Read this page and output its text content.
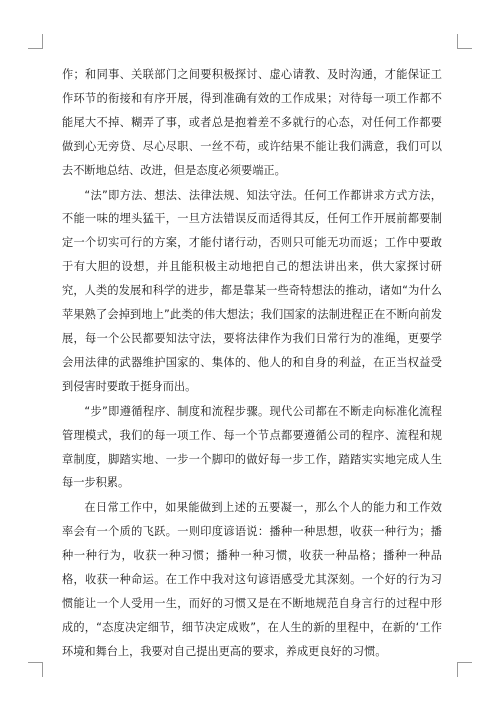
作；和同事、关联部门之间要积极探讨、虚心请教、及时沟通，才能保证工作环节的衔接和有序开展，得到准确有效的工作成果；对待每一项工作都不能尾大不掉、糊弄了事，或者总是抱着差不多就行的心态，对任何工作都要做到心无旁贷、尽心尽职、一丝不苟，或许结果不能让我们满意，我们可以去不断地总结、改进，但是态度必须要端正。

“法”即方法、想法、法律法规、知法守法。任何工作都讲求方式方法，不能一味的埋头猛干，一旦方法错误反而适得其反，任何工作开展前都要制定一个切实可行的方案，才能付诸行动，否则只可能无功而返；工作中要敢于有大胆的设想，并且能积极主动地把自己的想法讲出来，供大家探讨研究，人类的发展和科学的进步，都是靠某一些奇特想法的推动，诸如“为什么苹果熟了会掉到地上”此类的伟大想法；我们国家的法制进程正在不断向前发展，每一个公民都要知法守法，要将法律作为我们日常行为的准绳，更要学会用法律的武器维护国家的、集体的、他人的和自身的利益，在正当权益受到侵害时要敢于挺身而出。

“步”即遵循程序、制度和流程步骤。现代公司都在不断走向标准化流程管理模式，我们的每一项工作、每一个节点都要遵循公司的程序、流程和规章制度，脚踏实地、一步一个脚印的做好每一步工作，踏踏实实地完成人生每一步积累。

在日常工作中，如果能做到上述的五要凝一，那么个人的能力和工作效率会有一个质的飞跃。一则印度谚语说：播种一种思想，收获一种行为；播种一种行为，收获一种习惯；播种一种习惯，收获一种品格；播种一种品格，收获一种命运。在工作中我对这句谚语感受尤其深刻。一个好的行为习惯能让一个人受用一生，而好的习惯又是在不断地规范自身言行的过程中形成的，“态度决定细节，细节决定成败”，在人生的新的里程中，在新的‘工作环境和舞台上，我要对自己提出更高的要求，养成更良好的习惯。
